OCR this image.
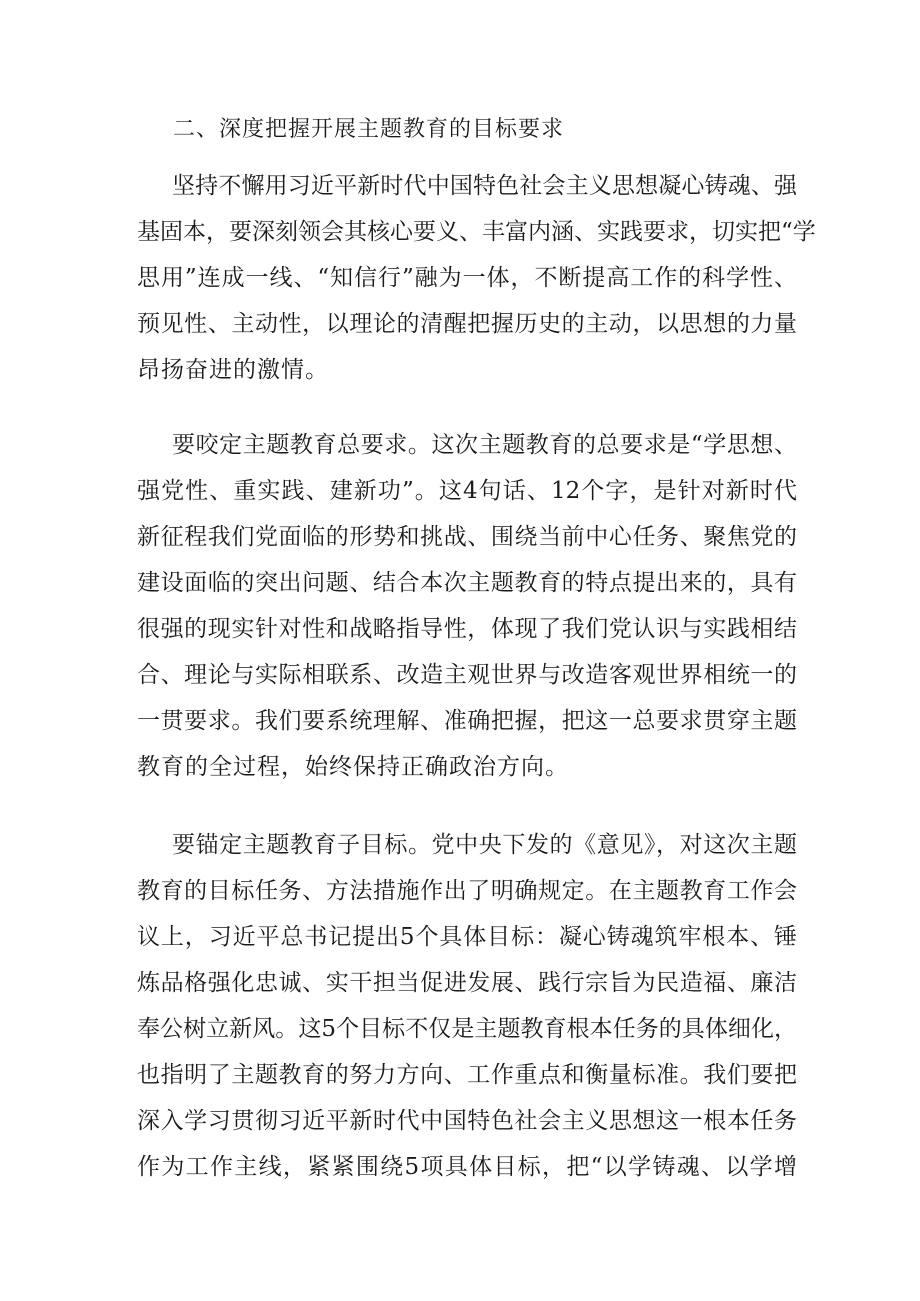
二、深度把握开展主题教育的目标要求
坚持不懈用习近平新时代中国特色社会主义思想凝心铸魂、强
基固本，要深刻领会其核心要义、丰富内涵、实践要求，切实把“学
思用”连成一线、“知信行”融为一体，不断提高工作的科学性、
预见性、主动性，以理论的清醒把握历史的主动，以思想的力量
昂扬奋进的激情。
要咬定主题教育总要求。这次主题教育的总要求是“学思想、
强党性、重实践、建新功”。这4句话、12个字，是针对新时代
新征程我们党面临的形势和挑战、围绕当前中心任务、聚焦党的
建设面临的突出问题、结合本次主题教育的特点提出来的，具有
很强的现实针对性和战略指导性，体现了我们党认识与实践相结
合、理论与实际相联系、改造主观世界与改造客观世界相统一的
一贯要求。我们要系统理解、准确把握，把这一总要求贯穿主题
教育的全过程，始终保持正确政治方向。
要锚定主题教育子目标。党中央下发的《意见》，对这次主题
教育的目标任务、方法措施作出了明确规定。在主题教育工作会
议上，习近平总书记提出5个具体目标：凝心铸魂筑牢根本、锤
炼品格强化忠诚、实干担当促进发展、践行宗旨为民造福、廉洁
奉公树立新风。这5个目标不仅是主题教育根本任务的具体细化，
也指明了主题教育的努力方向、工作重点和衡量标准。我们要把
深入学习贯彻习近平新时代中国特色社会主义思想这一根本任务
作为工作主线，紧紧围绕5项具体目标，把“以学铸魂、以学增
